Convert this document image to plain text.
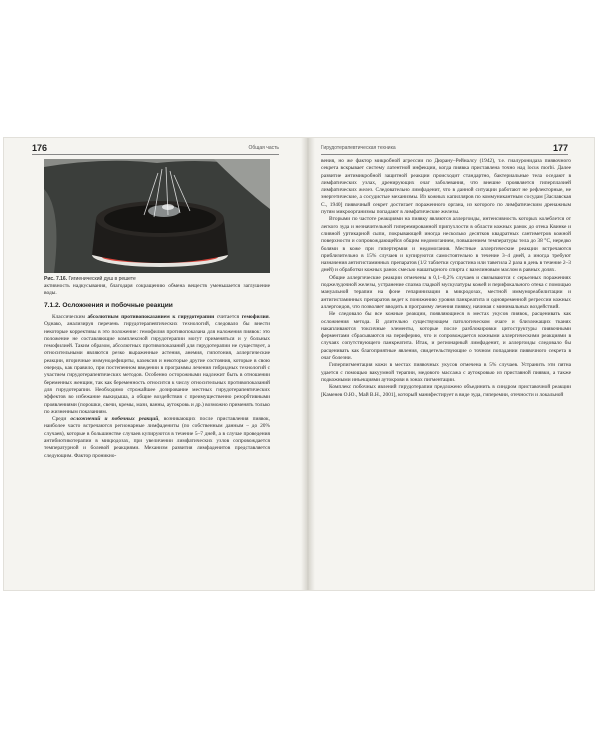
176	Общая часть
Рис. 7.16. Гигиенический душ в решете

активность надкусывания, благодаря сокращению обмена веществ уменьшается заглушение воды.

7.1.2. Осложнения и побочные реакции

Классическим абсолютным противопоказанием к гирудотерапии считается гемофилия. Однако, анализируя перечень гирудотерапевтических технологий, следовало бы внести некоторые коррективы в это положение: гемофилия противопоказана для наложения пиявок: это положение не составляющие комплексной гирудотерапии могут применяться и у больных гемофилией. Таким образом, абсолютных противопоказаний для гирудотерапии не существует, а относительными являются резко выраженные астения, анемия, гипотония, аллергические реакции, вторичные иммунодефициты, кахексия и некоторые другие состояния, которые в свою очередь, как правило, при постепенном введении в программы лечения гибридных технологий с участием гирудотерапевтических методов. Особенно осторожными надлежит быть в отношении беременных женщин, так как беременность относится к числу относительных противопоказаний для гирудотерапии. Необходимо строжайшее дозирование местных гирудотерапевтических эффектов во избежание выкидыша, а общие воздействия с преимущественно резорбтивными проявлениями (порошки, свечи, кремы, мази, ванны, аутокровь и др.) возможно применять только по жизненным показаниям.

Среди осложнений и побочных реакций, возникающих после приставления пиявок, наиболее часто встречаются регионарные лимфадениты (по собственным данным – до 20% случаев), которые в большинстве случаев купируются в течение 5–7 дней, а в случае проведения антибиотикотерапии в микродозах, при увеличении лимфатических узлов сопровождается температурной и болевой реакциями. Механизм развития лимфаденитов представляется следующим. Фактор проникно-

Гирудотерапевтическая техника	177

вения, но же фактор микробной агрессии по Дюрану–Рейналсу (1942), т.е. гиалуронидаза пиявочного секрета вскрывает систему латентной инфекции, когда пиявка приставлена точно над locus morbi. Далее развитие антимикробной защитной реакции происходит стандартно, бактериальные тела оседают в лимфатических узлах, дренирующих очаг заболевания, что внешне проявляется гиперплазией лимфатических желез. Следовательно лимфаденит, что в данной ситуации работают не рефлекторные, не энергетические, а сосудистые механизмы. Из кожных капилляров по коммуникантным сосудам [Заславская С., 1940] пиявочный секрет достигает пораженного органа, из которого по лимфатическим дренажным путям микроорганизмы попадают в лимфатические железы.

Вторыми по частоте реакциями на пиявку являются аллергоиды, интенсивность которых колеблется от легкого зуда и незначительной гиперемированной припухлости в области кожных ранок до отека Квинке и сливной уртикарной сыпи, покрывающей иногда несколько десятков квадратных сантиметров кожной поверхности и сопровождающейся общим недомоганием, повышением температуры тела до 38 °С, нередко болями в коже при гипертермия и недомогания. Местные аллергические реакции встречаются приблизительно в 15% случаев и купируются самостоятельно в течение 3–4 дней, а иногда требуют назначения антигистаминных препаратов (1/2 таблетки супрастина или тавегила 2 раза в день в течение 2–3 дней) и обработки кожных ранок смесью нашатырного спирта с вазелиновым маслом в равных долях.

Общие аллергические реакции отмечены в 0,1–0,2% случаев и связываются с серьезных поражениях поджелудочной железы, устранение спазма гладкой мускулатуры кожей и перифокального отека с помощью мануальной терапии на фоне гепаринизации в микродозах, местной иммунореабилитации и антигистаминных препаратов ведет к понижению уровня панкреатита и одновременной регрессии кожных аллергоидов, что позволяет вводить в программу лечения пиявку, начиная с минимальных воздействий.

Не следовало бы все кожные реакции, появляющиеся в местах укусов пиявок, расценивать как осложнения метода. В длительно существующем патологическом очаге и близлежащих тканях накапливаются токсичные элементы, которые после разблокировки цитоструктуры пиявочными ферментами сбрасываются на периферию, что и сопровождается кожными аллергическими реакциями в случаях сопутствующего панкреатита. Итак, и регионарный лимфаденит, и аллергоиды следовало бы расценивать как благоприятные явления, свидетельствующие о точном попадании пиявочного секрета в очаг болезни.

Гиперпигментация кожи в местах пиявочных укусов отмечена в 5% случаев. Устранить эти пятна удается с помощью вакуумной терапии, медового массажа с аутокровью из приставной пиявки, а также подкожными инъекциями аутокрови в зонах пигментации.

Комплекс побочных явлений гирудотерапии предложено объединить в синдром приставочной реакции [Каменев О.Ю., Май В.Н., 2001], который манифестирует в виде зуда, гиперемии, отечности и локальной
